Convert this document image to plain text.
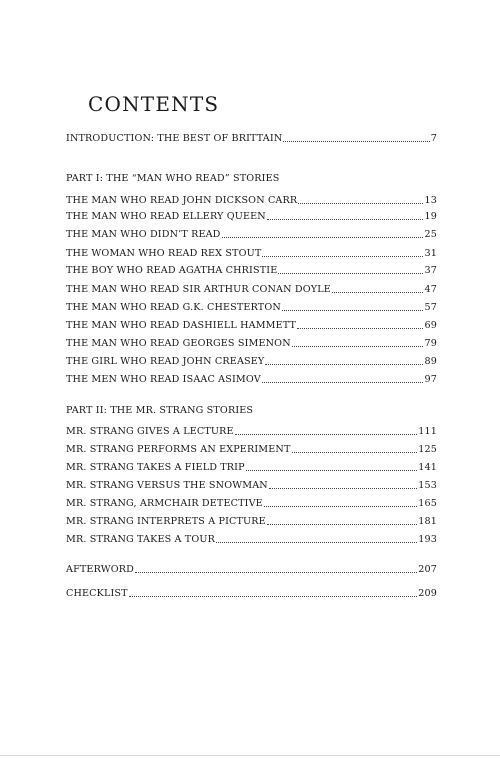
CONTENTS
INTRODUCTION: THE BEST OF BRITTAIN	7
PART I: THE “MAN WHO READ” STORIES
THE MAN WHO READ JOHN DICKSON CARR	13
THE MAN WHO READ ELLERY QUEEN	19
THE MAN WHO DIDN’T READ	25
THE WOMAN WHO READ REX STOUT	31
THE BOY WHO READ AGATHA CHRISTIE	37
THE MAN WHO READ SIR ARTHUR CONAN DOYLE	47
THE MAN WHO READ G.K. CHESTERTON	57
THE MAN WHO READ DASHIELL HAMMETT	69
THE MAN WHO READ GEORGES SIMENON	79
THE GIRL WHO READ JOHN CREASEY	89
THE MEN WHO READ ISAAC ASIMOV	97
PART II: THE MR. STRANG STORIES
MR. STRANG GIVES A LECTURE	111
MR. STRANG PERFORMS AN EXPERIMENT	125
MR. STRANG TAKES A FIELD TRIP	141
MR. STRANG VERSUS THE SNOWMAN	153
MR. STRANG, ARMCHAIR DETECTIVE	165
MR. STRANG INTERPRETS A PICTURE	181
MR. STRANG TAKES A TOUR	193
AFTERWORD	207
CHECKLIST	209
